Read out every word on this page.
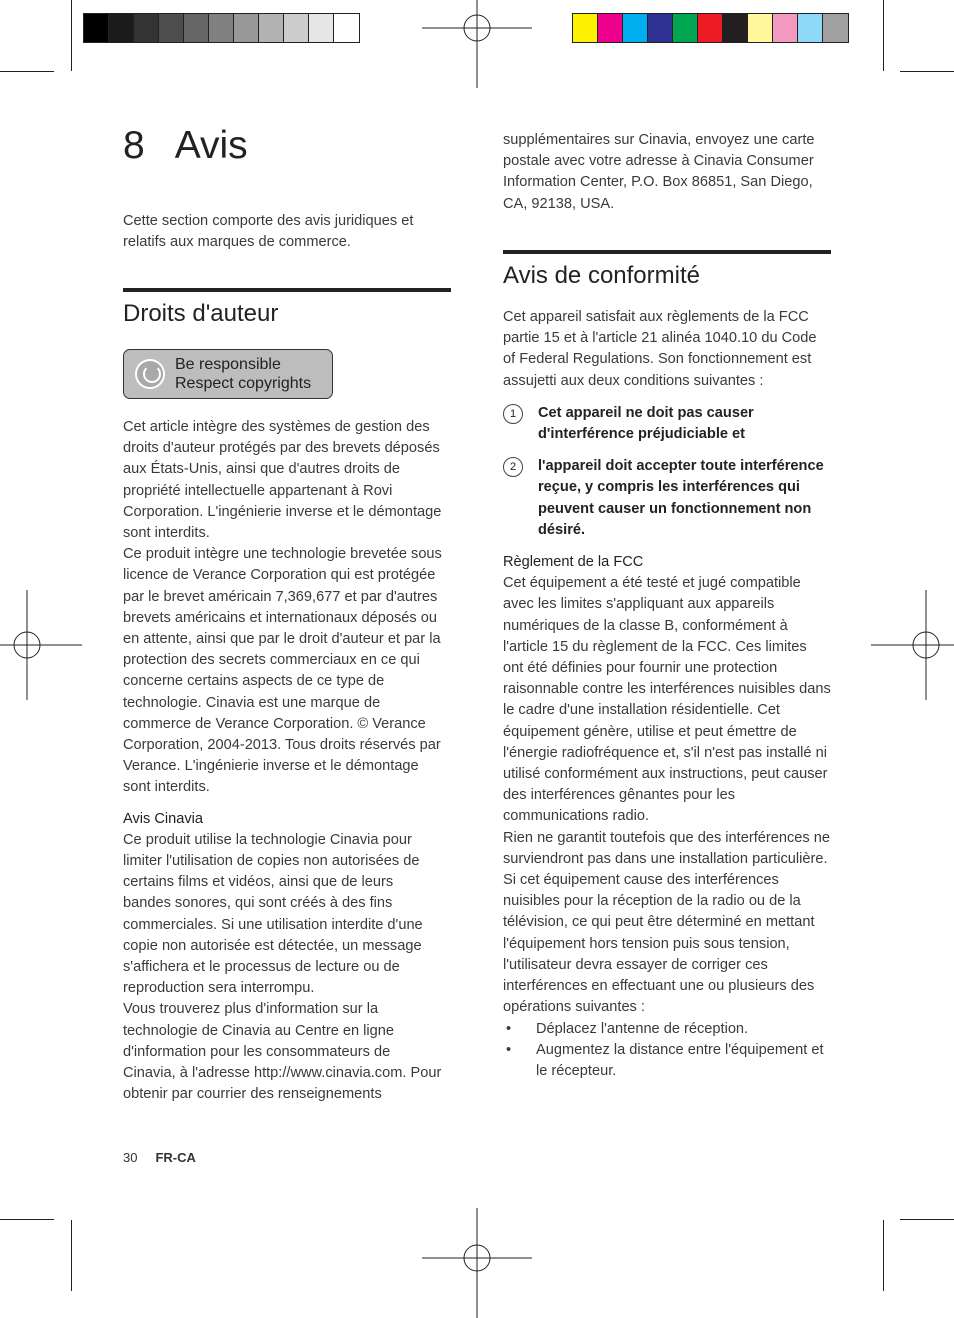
8 Avis

Cette section comporte des avis juridiques et relatifs aux marques de commerce.

Droits d'auteur
Be responsible
Respect copyrights

Cet article intègre des systèmes de gestion des droits d'auteur protégés par des brevets déposés aux États-Unis, ainsi que d'autres droits de propriété intellectuelle appartenant à Rovi Corporation. L'ingénierie inverse et le démontage sont interdits.

Ce produit intègre une technologie brevetée sous licence de Verance Corporation qui est protégée par le brevet américain 7,369,677 et par d'autres brevets américains et internationaux déposés ou en attente, ainsi que par le droit d'auteur et par la protection des secrets commerciaux en ce qui concerne certains aspects de ce type de technologie. Cinavia est une marque de commerce de Verance Corporation. © Verance Corporation, 2004-2013. Tous droits réservés par Verance. L'ingénierie inverse et le démontage sont interdits.

Avis Cinavia

Ce produit utilise la technologie Cinavia pour limiter l'utilisation de copies non autorisées de certains films et vidéos, ainsi que de leurs bandes sonores, qui sont créés à des fins commerciales. Si une utilisation interdite d'une copie non autorisée est détectée, un message s'affichera et le processus de lecture ou de reproduction sera interrompu.

Vous trouverez plus d'information sur la technologie de Cinavia au Centre en ligne d'information pour les consommateurs de Cinavia, à l'adresse http://www.cinavia.com. Pour obtenir par courrier des renseignements

supplémentaires sur Cinavia, envoyez une carte postale avec votre adresse à Cinavia Consumer Information Center, P.O. Box 86851, San Diego, CA, 92138, USA.

Avis de conformité

Cet appareil satisfait aux règlements de la FCC partie 15 et à l'article 21 alinéa 1040.10 du Code of Federal Regulations. Son fonctionnement est assujetti aux deux conditions suivantes :

1	Cet appareil ne doit pas causer d'interférence préjudiciable et
2	l'appareil doit accepter toute interférence reçue, y compris les interférences qui peuvent causer un fonctionnement non désiré.

Règlement de la FCC

Cet équipement a été testé et jugé compatible avec les limites s'appliquant aux appareils numériques de la classe B, conformément à l'article 15 du règlement de la FCC. Ces limites ont été définies pour fournir une protection raisonnable contre les interférences nuisibles dans le cadre d'une installation résidentielle. Cet équipement génère, utilise et peut émettre de l'énergie radiofréquence et, s'il n'est pas installé ni utilisé conformément aux instructions, peut causer des interférences gênantes pour les communications radio.

Rien ne garantit toutefois que des interférences ne surviendront pas dans une installation particulière. Si cet équipement cause des interférences nuisibles pour la réception de la radio ou de la télévision, ce qui peut être déterminé en mettant l'équipement hors tension puis sous tension, l'utilisateur devra essayer de corriger ces interférences en effectuant une ou plusieurs des opérations suivantes :

•	Déplacez l'antenne de réception.
•	Augmentez la distance entre l'équipement et le récepteur.
30 FR-CA
